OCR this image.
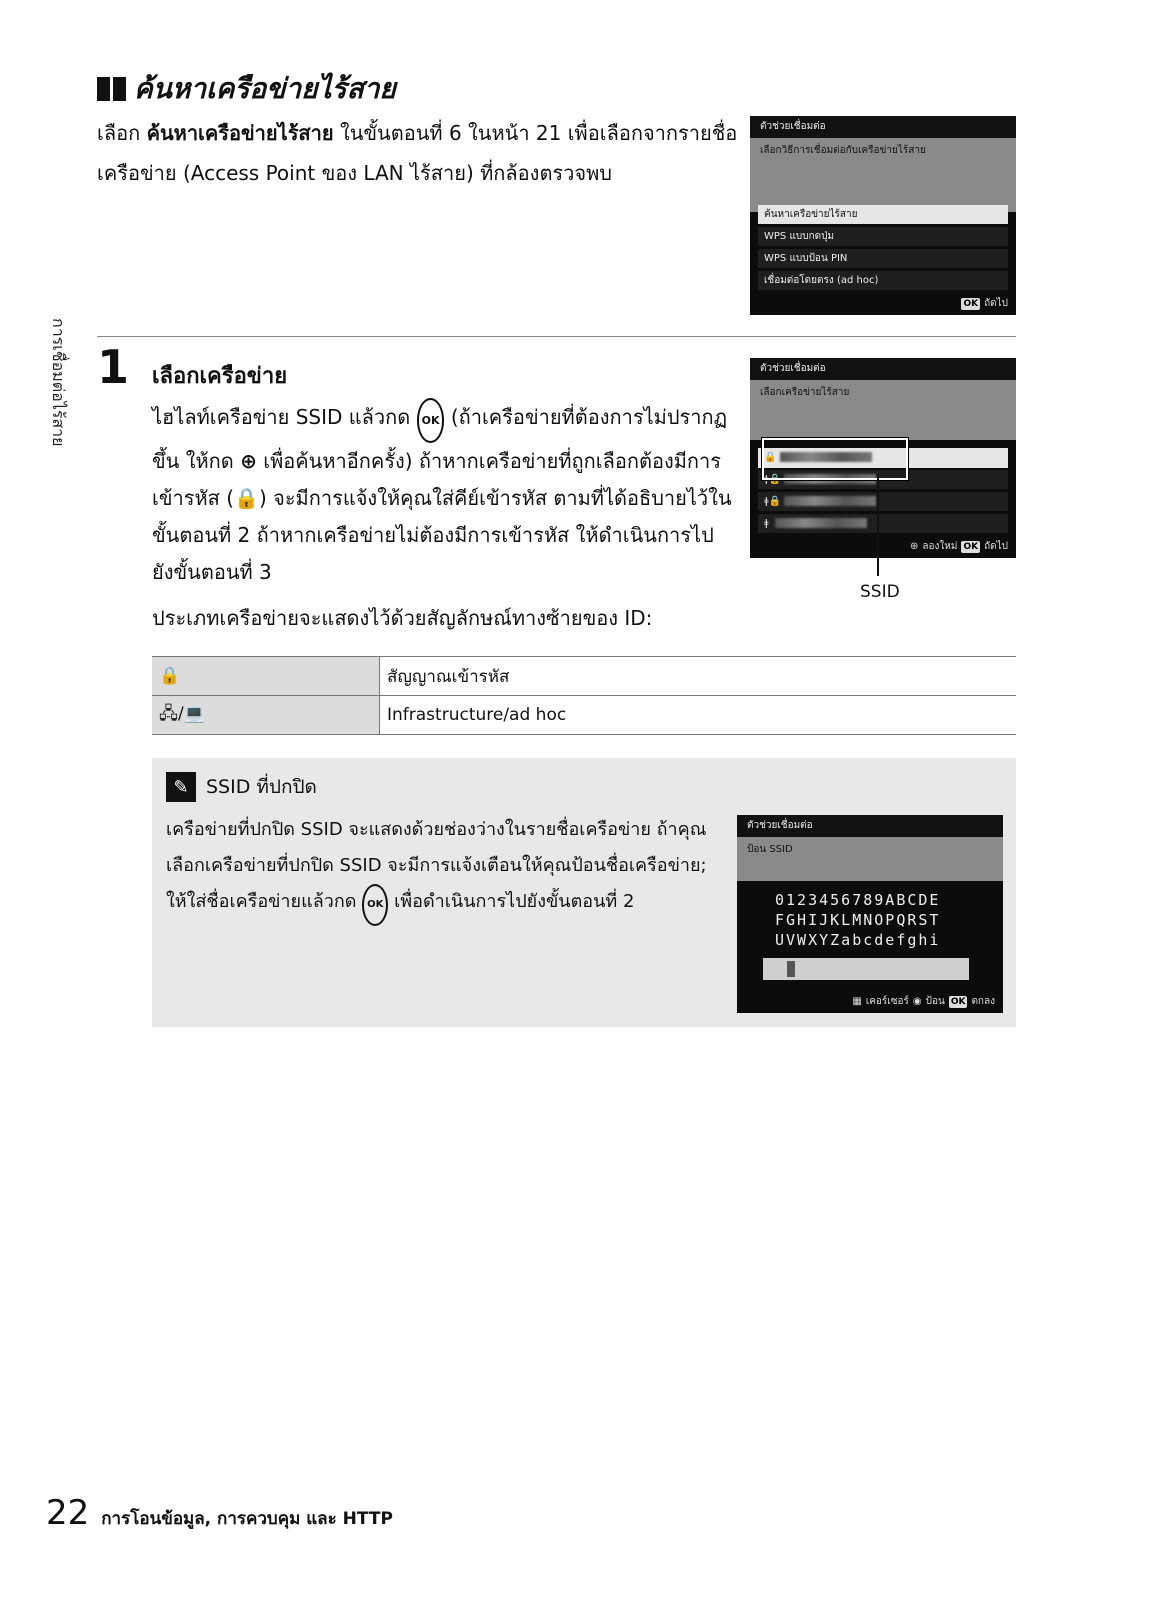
ค้นหาเครือข่ายไร้สาย
เลือก ค้นหาเครือข่ายไร้สาย ในขั้นตอนที่ 6 ในหน้า 21 เพื่อเลือกจากรายชื่อเครือข่าย (Access Point ของ LAN ไร้สาย) ที่กล้องตรวจพบ
ตัวช่วยเชื่อมต่อ
เลือกวิธีการเชื่อมต่อกับเครือข่ายไร้สาย
ค้นหาเครือข่ายไร้สาย
WPS แบบกดปุ่ม
WPS แบบป้อน PIN
เชื่อมต่อโดยตรง (ad hoc)
OK ถัดไป
1 เลือกเครือข่าย
ไฮไลท์เครือข่าย SSID แล้วกด OK (ถ้าเครือข่ายที่ต้องการไม่ปรากฏขึ้น ให้กด ⊕ เพื่อค้นหาอีกครั้ง) ถ้าหากเครือข่ายที่ถูกเลือกต้องมีการเข้ารหัส (🔒) จะมีการแจ้งให้คุณใส่คีย์เข้ารหัส ตามที่ได้อธิบายไว้ในขั้นตอนที่ 2 ถ้าหากเครือข่ายไม่ต้องมีการเข้ารหัส ให้ดำเนินการไปยังขั้นตอนที่ 3
ตัวช่วยเชื่อมต่อ
เลือกเครือข่ายไร้สาย
🔒
ǂ🔒
ǂ🔒
ǂ
⊕ ลองใหม่ OK ถัดไป
SSID
ประเภทเครือข่ายจะแสดงไว้ด้วยสัญลักษณ์ทางซ้ายของ ID:
🔒	สัญญาณเข้ารหัส
🖧/💻	Infrastructure/ad hoc
✎ SSID ที่ปกปิด
เครือข่ายที่ปกปิด SSID จะแสดงด้วยช่องว่างในรายชื่อเครือข่าย ถ้าคุณเลือกเครือข่ายที่ปกปิด SSID จะมีการแจ้งเตือนให้คุณป้อนชื่อเครือข่าย; ให้ใส่ชื่อเครือข่ายแล้วกด OK เพื่อดำเนินการไปยังขั้นตอนที่ 2
ตัวช่วยเชื่อมต่อ
ป้อน SSID
0123456789ABCDE
FGHIJKLMNOPQRST
UVWXYZabcdefghi
▦ เคอร์เซอร์ ◉ ป้อน OK ตกลง
การเชื่อมต่อไร้สาย
22 การโอนข้อมูล, การควบคุม และ HTTP
